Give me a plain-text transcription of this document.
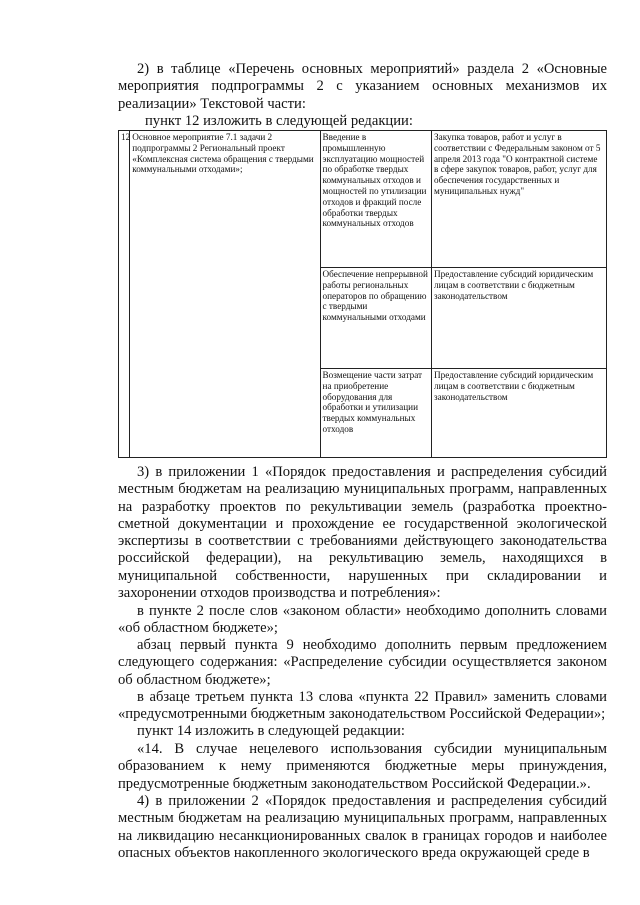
2) в таблице «Перечень основных мероприятий» раздела 2 «Основные мероприятия подпрограммы 2 с указанием основных механизмов их реализации» Текстовой части:
пункт 12 изложить в следующей редакции:
12	Основное мероприятие 7.1 задачи 2 подпрограммы 2 Региональный проект «Комплексная система обращения с твердыми коммунальными отходами»;	Введение в промышленную эксплуатацию мощностей по обработке твердых коммунальных отходов и мощностей по утилизации отходов и фракций после обработки твердых коммунальных отходов	Закупка товаров, работ и услуг в соответствии с Федеральным законом от 5 апреля 2013 года "О контрактной системе в сфере закупок товаров, работ, услуг для обеспечения государственных и муниципальных нужд"
		Обеспечение непрерывной работы региональных операторов по обращению с твердыми коммунальными отходами	Предоставление субсидий юридическим лицам в соответствии с бюджетным законодательством
		Возмещение части затрат на приобретение оборудования для обработки и утилизации твердых коммунальных отходов	Предоставление субсидий юридическим лицам в соответствии с бюджетным законодательством
3) в приложении 1 «Порядок предоставления и распределения субсидий местным бюджетам на реализацию муниципальных программ, направленных на разработку проектов по рекультивации земель (разработка проектно-сметной документации и прохождение ее государственной экологической экспертизы в соответствии с требованиями действующего законодательства российской федерации), на рекультивацию земель, находящихся в муниципальной собственности, нарушенных при складировании и захоронении отходов производства и потребления»:
в пункте 2 после слов «законом области» необходимо дополнить словами «об областном бюджете»;
абзац первый пункта 9 необходимо дополнить первым предложением следующего содержания: «Распределение субсидии осуществляется законом об областном бюджете»;
в абзаце третьем пункта 13 слова «пункта 22 Правил» заменить словами «предусмотренными бюджетным законодательством Российской Федерации»;
пункт 14 изложить в следующей редакции:
«14. В случае нецелевого использования субсидии муниципальным образованием к нему применяются бюджетные меры принуждения, предусмотренные бюджетным законодательством Российской Федерации.».
4) в приложении 2 «Порядок предоставления и распределения субсидий местным бюджетам на реализацию муниципальных программ, направленных на ликвидацию несанкционированных свалок в границах городов и наиболее опасных объектов накопленного экологического вреда окружающей среде в
